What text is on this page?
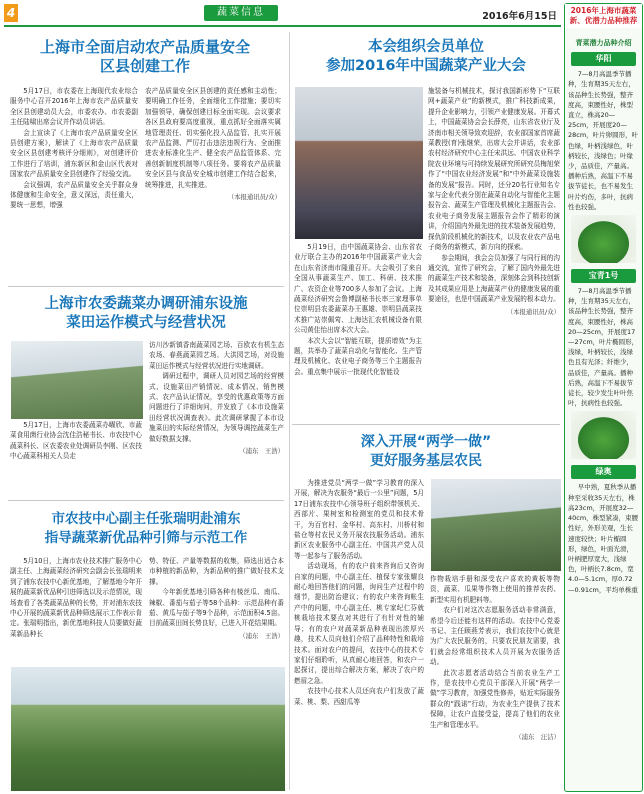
4	蔬菜信息	2016年6月15日
上海市全面启动农产品质量安全
区县创建工作

5月17日，市农委在上海现代农业综合服务中心召开2016年上海市农产品质量安全区县创建动员大会，市委农办、市农委副主任陆啸出席会议并作动员讲话。

会上宣读了《上海市农产品质量安全区县创建方案》，解读了《上海市农产品质量安全区县创建考核评分细则》，对创建评价工作进行了培训，浦东新区和金山区代表对国家农产品质量安全县创建作了经验交流。

会议强调，农产品质量安全关乎群众身体健康和生命安全，意义深远，责任重大，要统一思想，增强

农产品质量安全区县创建的责任感和主动性；要明确工作任务，全面细化工作措施；要切实加强领导，确保创建目标全面实现。会议要求各区县政府要高度重视，重点抓好全面落实属地管理责任、切实强化投入品监管、扎实开展农产品监测、严厉打击违法违规行为、全面推进农业标准化生产、健全农产品监管体系、完善创新制度机制等八项任务。要将农产品质量安全区县与食品安全城市创建工作结合起来，统筹推进，扎实推进。

（本报通讯员/众）

上海市农委蔬菜办调研浦东设施
菜田运作模式与经营状况

5月17日，上海市农委蔬菜办曜欣、市蔬菜食用菌行业协会沈佳浩秘书长、市农技中心蔬菜科长、区农委农业处调研员李刚、区农技中心蔬菜科相关人员走

访川沙新镇香南蔬菜园艺场、百欧农有机生态农场、春燕蔬菜园艺场、大洪园艺场，对设施菜田运作模式与经营状况进行实地调研。

调研过程中，调研人员对园艺场的经营模式、设施菜田产销情况、成本情况、销售模式、农产品认证情况，享受的优惠政策等方面问题进行了详细询问，并发放了《本市设施菜田经营状况调查表》。此次调研掌握了本市设施菜田的实际经营情况，为领导调控蔬菜生产做好数据支撑。

（浦东　王浩）

市农技中心副主任张瑞明赴浦东
指导蔬菜新优品种引筛与示范工作

5月10日，上海市农业技术推广服务中心副主任、上海蔬菜经济研究会副会长张瑞明来到了浦东农技中心新优基地，了解基地今年开展的蔬菜新优品种引进筛选以及示范情况，现场查看了各类蔬菜品种的长势，并对浦东农技中心开展的蔬菜新优品种筛选展示工作表示肯定。张瑞明指出，新优基地科技人员要做好蔬菜新品种长

势、特征、产量等数据的收集，筛选出适合本市种植的新品种，为新品种的推广做好技术支撑。

今年新优基地引筛各种有棱丝瓜、南瓜、辣椒、番茄与茄子等58个品种：示范品种有番茄、黄瓜与茄子等9个品种，示范面积4.5亩。目前蔬菜田间长势良好，已进入开花结果期。

（浦东　王浩）

本会组织会员单位
参加2016年中国蔬菜产业大会

5月19日，由中国蔬菜协会、山东省农业厅联合主办的2016年中国蔬菜产业大会在山东省济南市隆重召开。大会吸引了来自全国从事蔬菜生产、加工、科研、技术推广、农资企业等700多人参加了会议。上海蔬菜经济研究会鲁博副秘书长率三家理事单位崇明县农委蔬菜办王惠雄、崇明县蔬菜技术推广站崇佩莺、上海达汇农机械设备有限公司黄佳怡出席本次大会。

本次大会以“智能互联，提质增效”为主题，共举办了蔬菜自动化与智能化、生产管理及机械化、农业电子商务等三个主题报告会。重点集中展示一批现代化智能设

施装备与机械技术，探讨我国新形势下“互联网+蔬菜产业”的新模式，推广科技新成果，提升企业影响力，引领产业健康发展。开幕式上，中国蔬菜协会会长薛亮，山东省农业厅及济南市相关领导致欢迎辞，农业部国家首席蔬菜教授(育)张继荣，出席大会并讲话，农业部农村经济研究中心主任宋洪远、中国农业科学院农业环境与可持续发展研究所研究员梅旭荣作了“中国农业经济发展”和“中外蔬菜设施装备的发展”报告。同时，还分20名行业知名专家与企业代表分别在蔬菜自动化与智能化主题报告会、蔬菜生产管理及机械化主题报告会、农业电子商务发展主题报告会作了精彩的演讲，介绍国内外最先进的技术装备发展趋势，探仇阶段机械化的新技术，以及农业农产品电子商务的新模式，新方向的探索。

参会期间，我会会员加强了与同行间的沟通交流，宣传了研究会，了解了国内外最先进的蔬菜生产技术和装备，深刻体会到科技创新及其成果应用是上海蔬菜产业的健康发展的重要途径，也是中国蔬菜产业发展的根本动力。

（本报通讯员/众）

深入开展“两学一做”
更好服务基层农民

为推进党员“两学一做”学习教育的深入开展，解决为农服务“最后一公里”问题，5月17日浦东农技中心领导班子组织带领机关、西部片、果树室和检测室的党员和技术骨干，为百官村、金华村、高东村、川桥村和盐仓等村农民义务开展农技服务活动。浦东新区农业服务中心副主任、中国共产党人员等一起参与了服务活动。

活动现场，有的农户前来咨询后又咨询自家的问题，中心副主任、植保专家张耀良耐心地回答他们的问题，询问生产过程中的细节，提出防治建议；有的农户来咨询帐生产中的问题，中心副主任、桃专家纪仁芬就桃栽培技术要点对其进行了有针对性的辅导；有的农户对蔬菜新品种表现出浓厚兴趣，技术人员向他们介绍了品种特性和栽培技术。面对农户的提问，农技中心的技术专家们仔细聆听，从真耐心地回答，和农户一起探讨，提出综合解决方案，解决了农户的燃眉之急。

农技中心技术人员还向农户们发放了蔬菜、桃、梨、西甜瓜等

作物栽培手册和深受农户喜欢的黄板等物资，蔬菜、瓜果等作物上使用的推荐农药、新型实用有机肥料等。

农户们对这次志愿服务活动非常满意，希望今后还能有这样的活动。农技中心党委书记、主任顾燕芳表示，我们农技中心就是为广大农民服务的，只要农民朋友需要，我们就会经常组织技术人员开展为农服务活动。

此次志愿者活动结合当前农业生产工作，是农技中心党员干部深入开展“两学一做”学习教育，加强党性修养，贴近实际服务群众的“践诺”行动，为农业生产提供了技术保障，让农户直接受益，提高了他们的农业生产和管理水平。

（浦东　汪洁）

2016年上海市蔬菜新、优潜力品种推荐
青菜潜力品种介绍
华阳
7—8月高温季节播种，生育期35天左右，该品种生长势强，整齐度高，束腰性好，株型直立，株高20—25cm，开展度20—28cm，叶片卵圆形，叶色绿，叶柄浅绿色，叶柄较长，浅绿色；叶缘少，品质佳，产量高。播种后熟，高温下不易拔节徒长，也不易发生叶片灼伤，多叶，抗病性也较强。
宝青1号
7—8月高温季节播种，生育期35天左右，该品种生长势强，整齐度高，束腰性好，株高20—25cm，开展度17—27cm，叶片椭圆形，浅绿，叶柄较长，浅绿色且有光泽；纤维少，品质佳，产量高。播种后熟，高温下不易拔节徒长，较少发生叶叶焦叶，抗病性也较强。
绿奥
早中熟，夏秋季从播种至采收35天左右，株高23cm，开展度32—40cm，株型紧凑，束腰性好，外形美观，生长速度较快；叶片椭圆形，绿色，叶面光滑，叶柄肥厚宽大，浅绿色，叶柄长7.8cm，宽4.0—5.1cm，厚0.72—0.91cm，平均单株重
